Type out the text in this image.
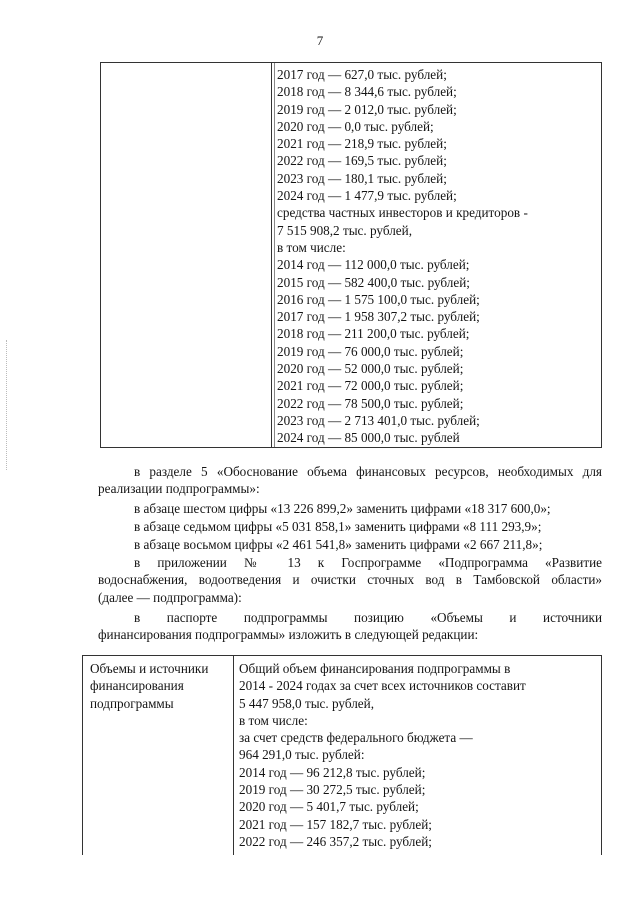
7
2017 год — 627,0 тыс. рублей;
2018 год — 8 344,6 тыс. рублей;
2019 год — 2 012,0 тыс. рублей;
2020 год — 0,0 тыс. рублей;
2021 год — 218,9 тыс. рублей;
2022 год — 169,5 тыс. рублей;
2023 год — 180,1 тыс. рублей;
2024 год — 1 477,9 тыс. рублей;
средства частных инвесторов и кредиторов -
7 515 908,2 тыс. рублей,
в том числе:
2014 год — 112 000,0 тыс. рублей;
2015 год — 582 400,0 тыс. рублей;
2016 год — 1 575 100,0 тыс. рублей;
2017 год — 1 958 307,2 тыс. рублей;
2018 год — 211 200,0 тыс. рублей;
2019 год — 76 000,0 тыс. рублей;
2020 год — 52 000,0 тыс. рублей;
2021 год — 72 000,0 тыс. рублей;
2022 год — 78 500,0 тыс. рублей;
2023 год — 2 713 401,0 тыс. рублей;
2024 год — 85 000,0 тыс. рублей
в разделе 5 «Обоснование объема финансовых ресурсов, необходимых для
реализации подпрограммы»:
в абзаце шестом цифры «13 226 899,2» заменить цифрами «18 317 600,0»;
в абзаце седьмом цифры «5 031 858,1» заменить цифрами «8 111 293,9»;
в абзаце восьмом цифры «2 461 541,8» заменить цифрами «2 667 211,8»;
в приложении № 13 к Госпрограмме «Подпрограмма «Развитие
водоснабжения, водоотведения и очистки сточных вод в Тамбовской области»
(далее — подпрограмма):
в паспорте подпрограммы позицию «Объемы и источники
финансирования подпрограммы» изложить в следующей редакции:
Объемы и источники финансирования подпрограммы
Общий объем финансирования подпрограммы в
2014 - 2024 годах за счет всех источников составит
5 447 958,0 тыс. рублей,
в том числе:
за счет средств федерального бюджета —
964 291,0 тыс. рублей:
2014 год — 96 212,8 тыс. рублей;
2019 год — 30 272,5 тыс. рублей;
2020 год — 5 401,7 тыс. рублей;
2021 год — 157 182,7 тыс. рублей;
2022 год — 246 357,2 тыс. рублей;
